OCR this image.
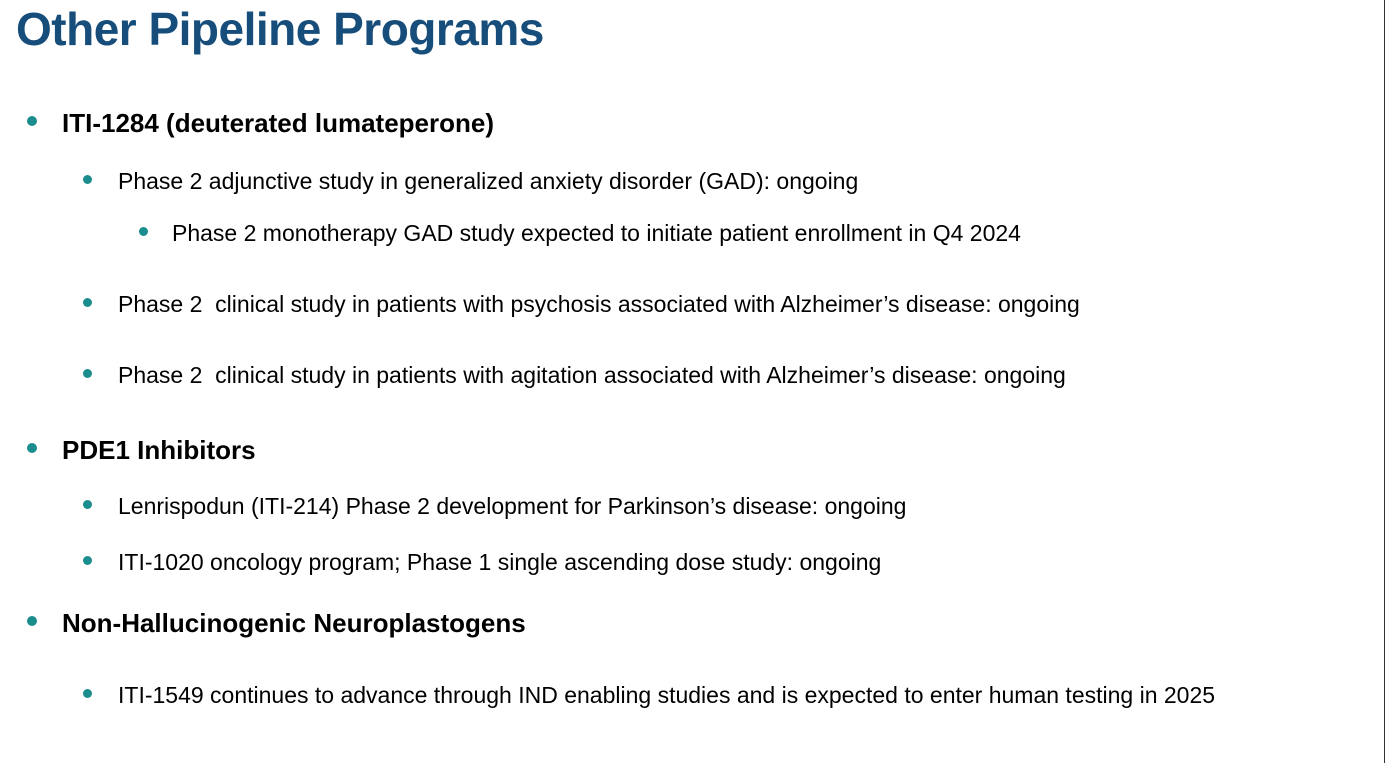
Other Pipeline Programs
ITI-1284 (deuterated lumateperone)
Phase 2 adjunctive study in generalized anxiety disorder (GAD): ongoing
Phase 2 monotherapy GAD study expected to initiate patient enrollment in Q4 2024
Phase 2  clinical study in patients with psychosis associated with Alzheimer’s disease: ongoing
Phase 2  clinical study in patients with agitation associated with Alzheimer’s disease: ongoing
PDE1 Inhibitors
Lenrispodun (ITI-214) Phase 2 development for Parkinson’s disease: ongoing
ITI-1020 oncology program; Phase 1 single ascending dose study: ongoing
Non-Hallucinogenic Neuroplastogens
ITI-1549 continues to advance through IND enabling studies and is expected to enter human testing in 2025
